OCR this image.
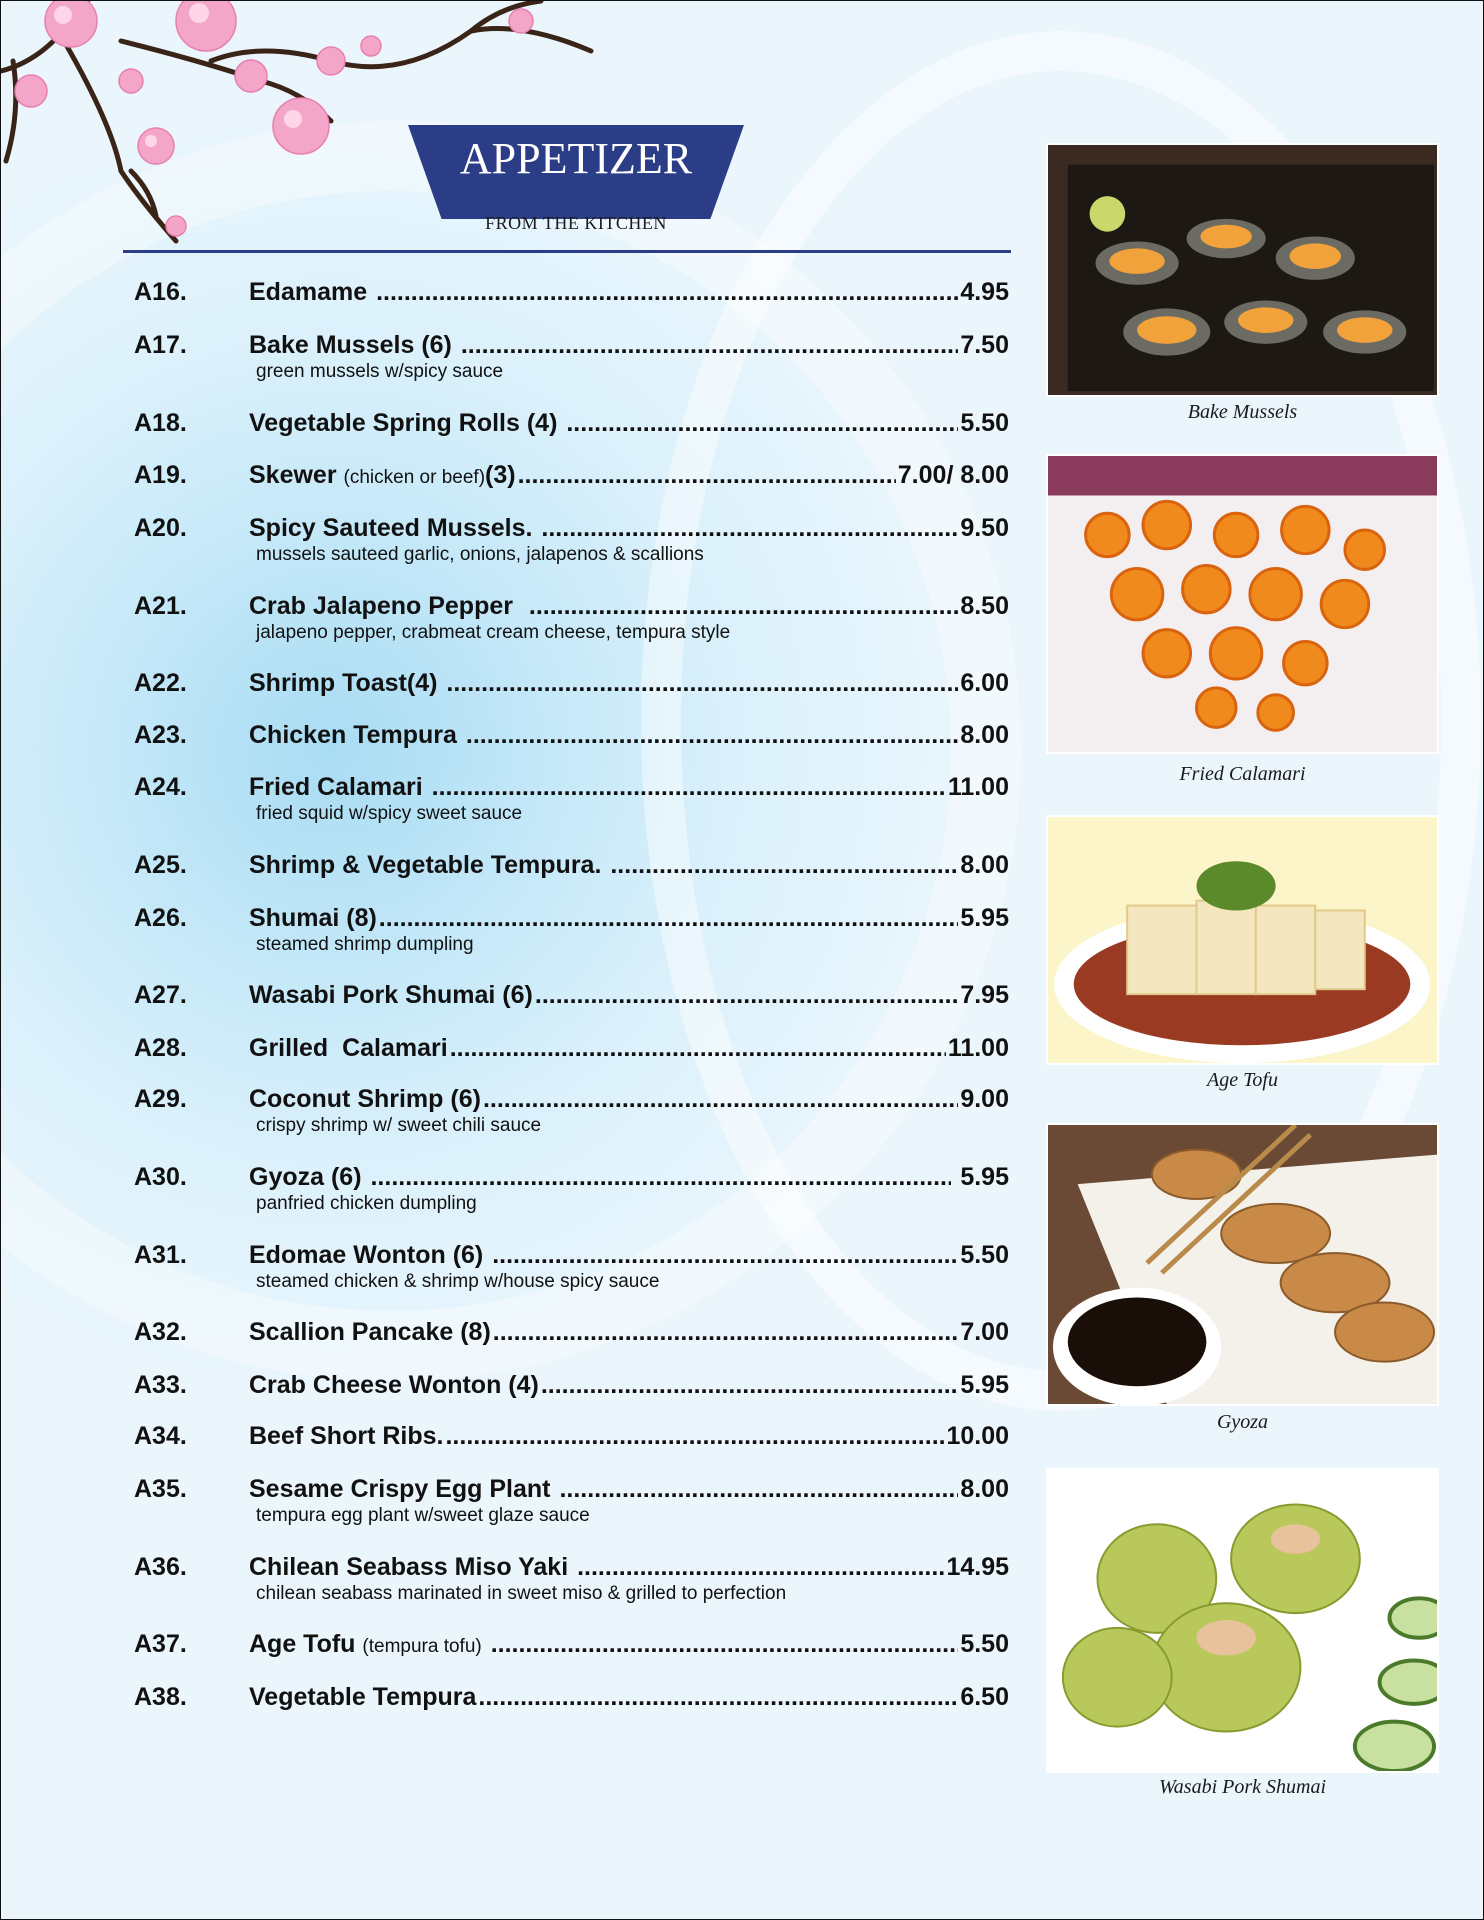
APPETIZER
FROM THE KITCHEN
A16.	Edamame .....	4.95
A17.	Bake Mussels (6) .....	7.50
green mussels w/spicy sauce
A18.	Vegetable Spring Rolls (4) .....	5.50
A19.	Skewer (chicken or beef)(3) .....	7.00/ 8.00
A20.	Spicy Sauteed Mussels. .....	9.50
mussels sauteed garlic, onions, jalapenos & scallions
A21.	Crab Jalapeno Pepper .....	8.50
jalapeno pepper, crabmeat cream cheese, tempura style
A22.	Shrimp Toast(4) .....	6.00
A23.	Chicken Tempura .....	8.00
A24.	Fried Calamari .....	11.00
fried squid w/spicy sweet sauce
A25.	Shrimp & Vegetable Tempura. .....	8.00
A26.	Shumai (8) .....	5.95
steamed shrimp dumpling
A27.	Wasabi Pork Shumai (6) .....	7.95
A28.	Grilled  Calamari .....	11.00
A29.	Coconut Shrimp (6) .....	9.00
crispy shrimp w/ sweet chili sauce
A30.	Gyoza (6) .....	5.95
panfried chicken dumpling
A31.	Edomae Wonton (6) .....	5.50
steamed chicken & shrimp w/house spicy sauce
A32.	Scallion Pancake (8) .....	7.00
A33.	Crab Cheese Wonton (4) .....	5.95
A34.	Beef Short Ribs. .....	10.00
A35.	Sesame Crispy Egg Plant .....	8.00
tempura egg plant w/sweet glaze sauce
A36.	Chilean Seabass Miso Yaki .....	14.95
chilean seabass marinated in sweet miso & grilled to perfection
A37.	Age Tofu (tempura tofu) .....	5.50
A38.	Vegetable Tempura .....	6.50
Bake Mussels
Fried Calamari
Age Tofu
Gyoza
Wasabi Pork Shumai
